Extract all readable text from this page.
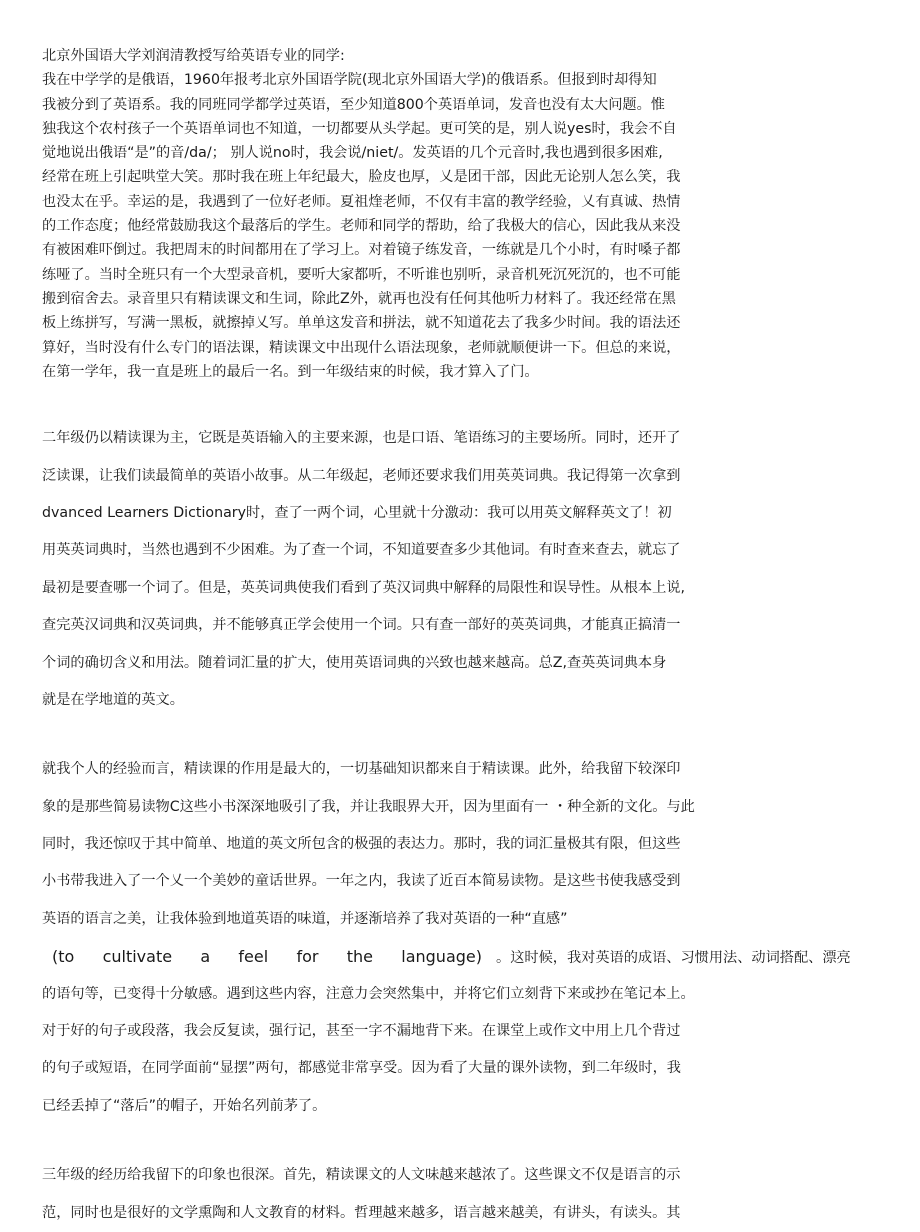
北京外国语大学刘润清教授写给英语专业的同学:
我在中学学的是俄语，1960年报考北京外国语学院(现北京外国语大学)的俄语系。但报到时却得知
我被分到了英语系。我的同班同学都学过英语，至少知道800个英语单词，发音也没有太大问题。惟
独我这个农村孩子一个英语单词也不知道，一切都要从头学起。更可笑的是，别人说yes时，我会不自
觉地说出俄语“是”的音/da/； 别人说no时，我会说/niet/。发英语的几个元音时,我也遇到很多困难,
经常在班上引起哄堂大笑。那时我在班上年纪最大，脸皮也厚，乂是团干部，因此无论别人怎么笑，我
也没太在乎。幸运的是，我遇到了一位好老师。夏祖煃老师，不仅有丰富的教学经验，乂有真诚、热情
的工作态度；他经常鼓励我这个最落后的学生。老师和同学的帮助，给了我极大的信心，因此我从来没
有被困难吓倒过。我把周末的时间都用在了学习上。对着镜子练发音，一练就是几个小时，有时嗓子都
练哑了。当时全班只有一个大型录音机，要听大家都听，不听谁也别听，录音机死沉死沉的，也不可能
搬到宿舍去。录音里只有精读课文和生词，除此Z外，就再也没有任何其他听力材料了。我还经常在黑
板上练拼写，写满一黑板，就擦掉乂写。单单这发音和拼法，就不知道花去了我多少时间。我的语法还
算好，当时没有什么专门的语法课，精读课文中出现什么语法现象，老师就顺便讲一下。但总的来说，
在第一学年，我一直是班上的最后一名。到一年级结束的时候，我才算入了门。
二年级仍以精读课为主，它既是英语输入的主要来源，也是口语、笔语练习的主要场所。同时，还开了
泛读课，让我们读最简单的英语小故事。从二年级起，老师还要求我们用英英词典。我记得第一次拿到
dvanced Learners Dictionary时，查了一两个词，心里就十分激动：我可以用英文解释英文了！初
用英英词典时，当然也遇到不少困难。为了查一个词，不知道要查多少其他词。有时查来查去，就忘了
最初是要查哪一个词了。但是，英英词典使我们看到了英汉词典中解释的局限性和误导性。从根本上说,
查完英汉词典和汉英词典，并不能够真正学会使用一个词。只有查一部好的英英词典，才能真正搞清一
个词的确切含义和用法。随着词汇量的扩大，使用英语词典的兴致也越来越高。总Z,查英英词典本身
就是在学地道的英文。
就我个人的经验而言，精读课的作用是最大的，一切基础知识都来自于精读课。此外，给我留下较深印
象的是那些简易读物C这些小书深深地吸引了我，并让我眼界大开，因为里面有一 ・种全新的文化。与此
同时，我还惊叹于其中简单、地道的英文所包含的极强的表达力。那时，我的词汇量极其有限，但这些
小书带我进入了一个乂一个美妙的童话世界。一年之内，我读了近百本简易读物。是这些书使我感受到
英语的语言之美，让我体验到地道英语的味道，并逐渐培养了我对英语的一种“直感”
(to cultivate a feel for the language) 。这时候，我对英语的成语、习惯用法、动词搭配、漂亮
的语句等，已变得十分敏感。遇到这些内容，注意力会突然集中，并将它们立刻背下来或抄在笔记本上。
对于好的句子或段落，我会反复读，强行记，甚至一字不漏地背下来。在课堂上或作文中用上几个背过
的句子或短语，在同学面前“显摆”两句，都感觉非常享受。因为看了大量的课外读物，到二年级时，我
已经丢掉了“落后”的帽子，开始名列前茅了。
三年级的经历给我留下的印象也很深。首先，精读课文的人文味越来越浓了。这些课文不仅是语言的示
范，同时也是很好的文学熏陶和人文教育的材料。哲理越来越多，语言越来越美，有讲头，有读头。其
